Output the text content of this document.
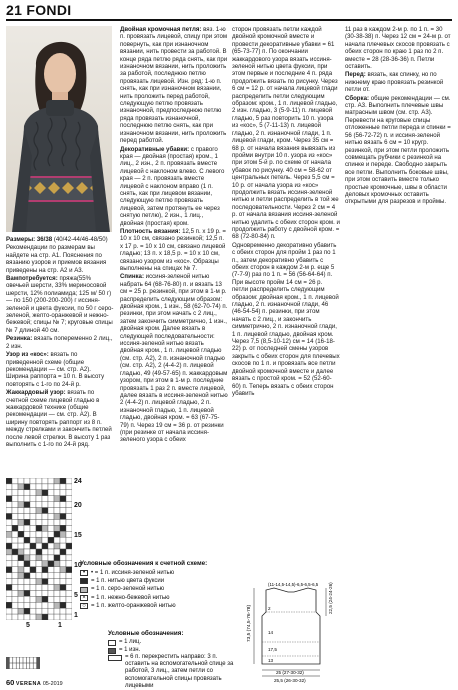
21 FONDI

Размеры: 36/38 (40/42-44/46-48/50)

Рекомендации по размерам вы найдете на стр. А1. Пояснения по вязанию узоров и приемов вязания приведены на стр. А2 и А3.

Вампотребуется: пряжа(55% овечьей шерсти, 33% мериносовой шерсти, 12% полиамида; 125 м/ 50 г) — по 150 (200-200-200) г иссиня-зеленой и цвета фуксии, по 50 г серо-зеленой, желто-оранжевой и нежно-бежевой; спицы № 7; круговые спицы № 7 длиной 40 см.

Резинка: вязать попеременно 2 лиц., 2 изн.

Узор из «кос»: вязать по приведенной схеме (общие рекомендации — см. стр. А2). Ширина раппорта = 10 п. В высоту повторять с 1-го по 24-й р.

Жаккардовый узор: вязать по счетной схеме лицевой гладью в жаккардовой технике (общие рекомендации — см. стр. А2). В ширину повторять раппорт из 8 п. между стрелками и закончить петлей после левой стрелки. В высоту 1 раз выполнить с 1-го по 24-й ряд.

Двойная кромочная петля: вяз. 1-ю п. провязать лицевой, спицу при этом повернуть, как при изнаночном вязании, нить провести за работой. В конце ряда петлю ряда снять, как при изнаночном вязании, нить проложить за работой, последнюю петлю провязать лицевой. Изн. ряд: 1-ю п. снять, как при изнаночном вязании, нить проложить перед работой, следующую петлю провязать изнаночной, предпоследнюю петлю ряда провязать изнаночной, последнюю петлю снять, как при изнаночном вязании, нить проложить перед работой.

Декоративные убавки: с правого края — двойная (простая) кром., 1 лиц., 2 изн., 2 п. провязать вместе лицевой с наклоном влево. С левого края — 2 п. провязать вместе лицевой с наклоном вправо (1 п. снять, как при лицевом вязании, следующую петлю провязать лицевой, затем протянуть ее через снятую петлю), 2 изн., 1 лиц., двойная (простая) кром.

Плотность вязания: 12,5 п. х 19 р. = 10 х 10 см, связано резинкой; 12,5 п. х 17 р. = 10 х 10 см, связано лицевой гладью; 13 п. х 18,5 р. = 10 х 10 см, связано узором из «кос». Образцы выполнены на спицах № 7.

Спинка: иссиня-зеленой нитью набрать 64 (68-76-80) п. и вязать 13 см = 25 р. резинкой, при этом в 1-м р. распределить следующим образом: двойная кром., 1 изн., 58 (62-70-74) п. резинки, при этом начать с 2 лиц., затем закончить симметрично, 1 изн., двойная кром. Далее вязать в следующей последовательности: иссиня-зеленой нитью вязать двойная кром., 1 п. лицевой гладью (см. стр. А2), 2 п. изнаночной гладью (см. стр. А2), 2 (4-4-2) п. лицевой гладью, 49 (49-57-65) п. жаккардовым узором, при этом в 1-м р. последние провязать 1 раз 2 п. вместе лицевой, далее вязать в иссиня-зеленой нитью 2 (4-4-2) п. лицевой гладью, 2 п. изнаночной гладью, 1 п. лицевой гладью, двойная кром. = 63 (67-75-79) п. Через 19 см = 36 р. от резинки (при резинке от начала иссиня-зеленого узора с обеих

сторон провязать петли каждой двойной кромочной вместе и провести декоративные убавки = 61 (65-73-77) п. По окончании жаккардового узора вязать иссиня-зеленой нитью цвета фуксии, при этом первые и последние 4 п. ряда продолжить вязать по рисунку. Через 6 см = 12 р. от начала лицевой глади распределить петли следующим образом: кром., 1 п. лицевой гладью, 2 изн. гладью, 3 (5-9-11) п. лицевой гладью, 5 раз повторить 10 п. узора из «кос», 5 (7-11-13) п. лицевой гладью, 2 п. изнаночной глади, 1 п. лицевой глади, кром. Через 35 см = 68 р. от начала вязания вывязать из пройми внутри 10 п. узора из «кос» при этом 5-й р. по схеме от начала убавок по рисунку. 40 см = 58-62 от центральных петель. Через 5,5 см = 10 р. от начала узора из «кос» продолжить вязать иссиня-зеленой нитью и петли распределить в той же последовательности. Через 2 см = 4 р. от начала вязания иссиня-зеленой нитью удалить с обеих сторон кром. и продолжить работу с двойной кром. = 68 (72-80-84) п.

Одновременно декоративно убавить с обеих сторон для пройм 1 раз по 1 п., затем декоративно убавить с обеих сторон в каждом 2-м р. еще 5 (7-7-9) раз по 1 п. = 56 (56-64-64) п. При высоте пройм 14 см = 26 р. петли распределить следующим образом: двойная кром., 1 п. лицевой гладью, 2 п. изнаночной глади, 46 (46-54-54) п. резинки, при этом начать с 2 лиц., и закончить симметрично, 2 п. изнаночной глади, 1 п. лицевой гладью, двойная кром. Через 7,5 (8,5-10-12) см = 14 (16-18-22) р. от последней смены узоров закрыть с обеих сторон для плечевых скосов по 1 п. и провязать все петли двойной кромочной вместе и далее вязать с простой кром. = 52 (52-60-60) п. Теперь вязать с обеих сторон убавить

11 раз в каждом 2-м р. по 1 п. = 30 (30-38-38) п. Через 12 см = 24-м р. от начала плечевых скосов провязать с обеих сторон по краю 1 раз по 2 п. вместе = 28 (28-36-36) п. Петли оставить.

Перед: вязать, как спинку, но по нижнему краю провязать резинкой петли от.

Сборка: общие рекомендации — см. стр. А3. Выполнить плечевые швы матрасным швом (см. стр. А3). Перевести на круговые спицы отложенные петли переда и спинки = 56 (56-72-72) п. и иссиня-зеленой нитью вязать 6 см = 10 кругр. резинкой, при этом петли проложить совмещать рубчики с резинкой на спинке и переде. Свободно закрыть все петли. Выполнить боковые швы, при этом оставить вместе только простые кромочные, швы в области деловых кромочных оставить открытыми для разрезов и проймы.

24
20
15
10
5
1
5	1
Условные обозначения к счетной схеме:
• • = 1 п. иссиня-зеленой нитью
= 1 п. нитью цвета фуксии
= 1 п. серо-зеленой нитью
× = 1 п. нежно-бежевой нитью
○ = 1 п. желто-оранжевой нитью
Условные обозначения:
= 1 лиц.
= 1 изн.
= 6 п. перекрестить направо: 3 п. оставить на вспомогательной спице за работой, 3 лиц., затем петли со вспомогательной спицы провязать лицевыми
73,5 (74,5-76-78)
22,5 (24-24-26)
(11-14,5-14,5)-6,5-6,5-6,5
25 (27-30-32)
25,5 (26-30-32)
14
17,5
13
2
60 VERENA 05-2019
